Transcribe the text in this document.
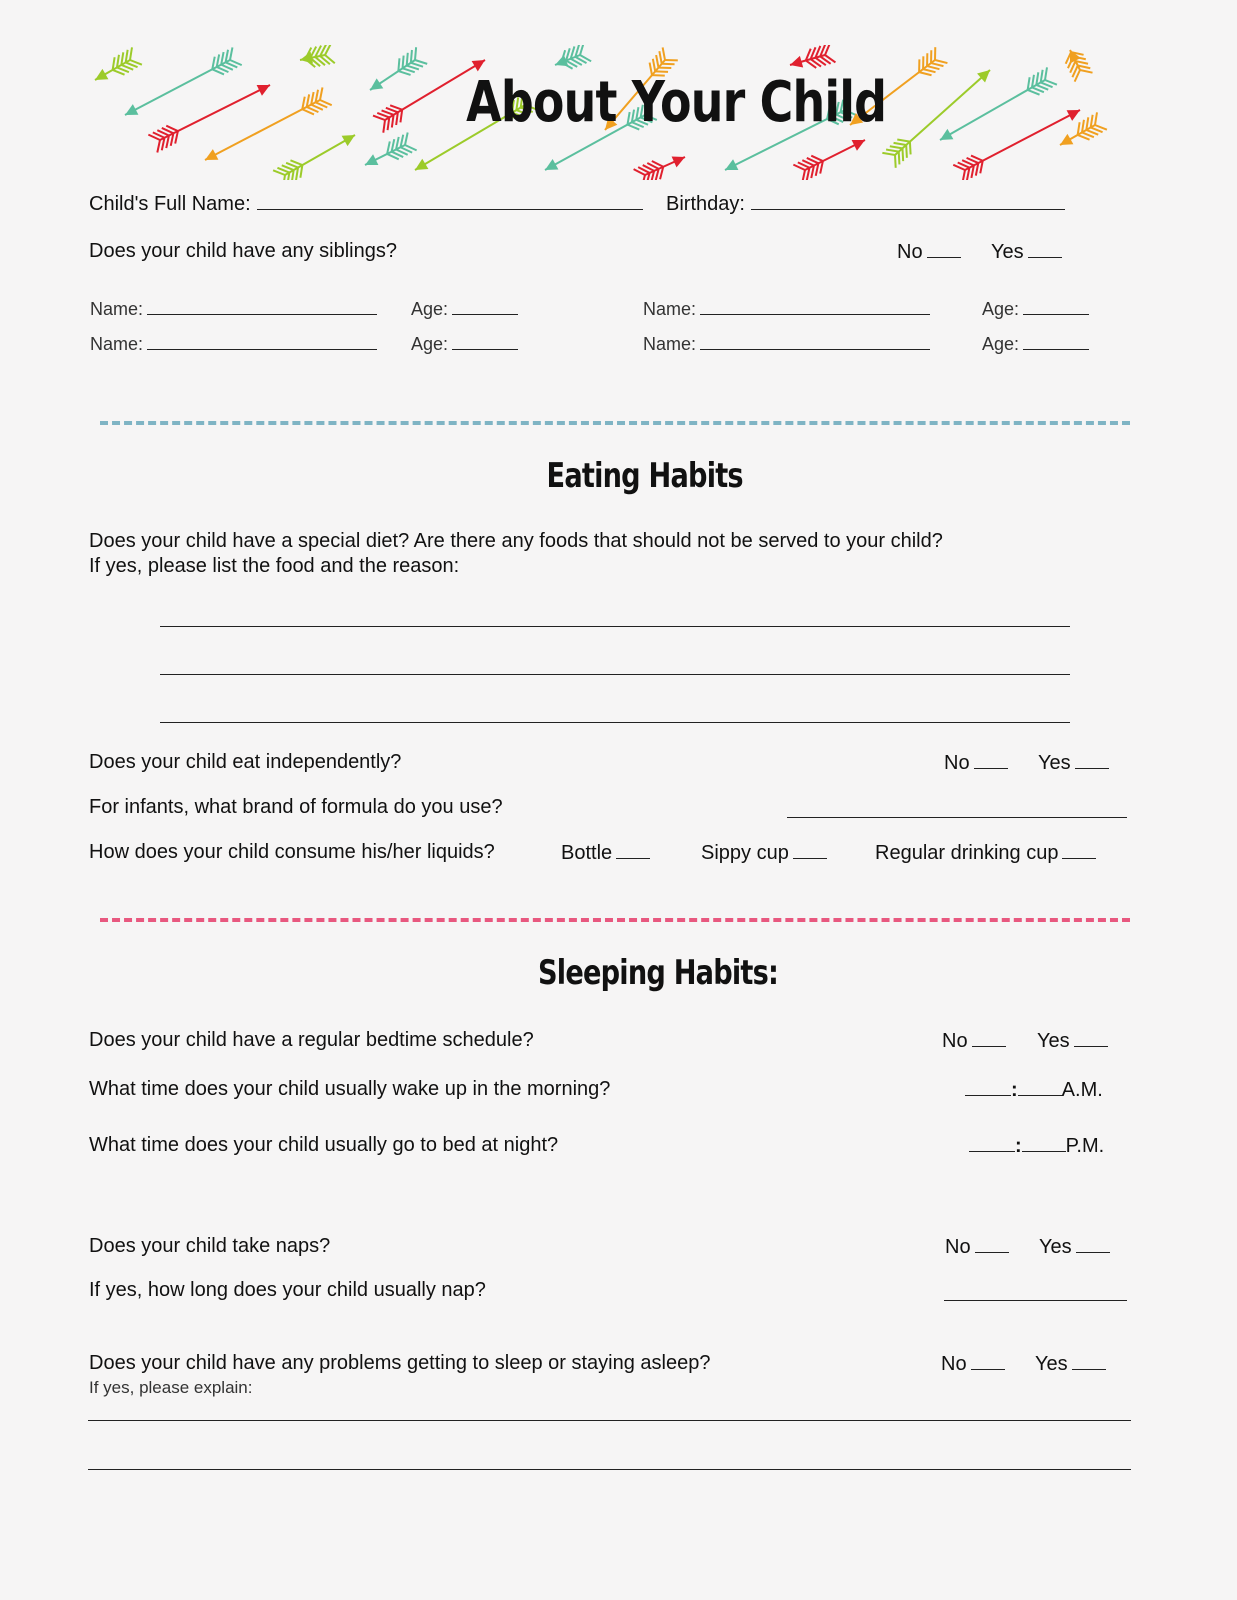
About Your Child
Child's Full Name:	Birthday:
Does your child have any siblings?	No	Yes
Name:	Age:	Name:	Age:
Name:	Age:	Name:	Age:
Eating Habits
Does your child have a special diet? Are there any foods that should not be served to your child?
If yes, please list the food and the reason:
Does your child eat independently?	No	Yes
For infants, what brand of formula do you use?
How does your child consume his/her liquids?	Bottle	Sippy cup	Regular drinking cup
Sleeping Habits:
Does your child have a regular bedtime schedule?	No	Yes
What time does your child usually wake up in the morning?	: A.M.
What time does your child usually go to bed at night?	: P.M.
Does your child take naps?	No	Yes
If yes, how long does your child usually nap?
Does your child have any problems getting to sleep or staying asleep?	No	Yes
If yes, please explain:
